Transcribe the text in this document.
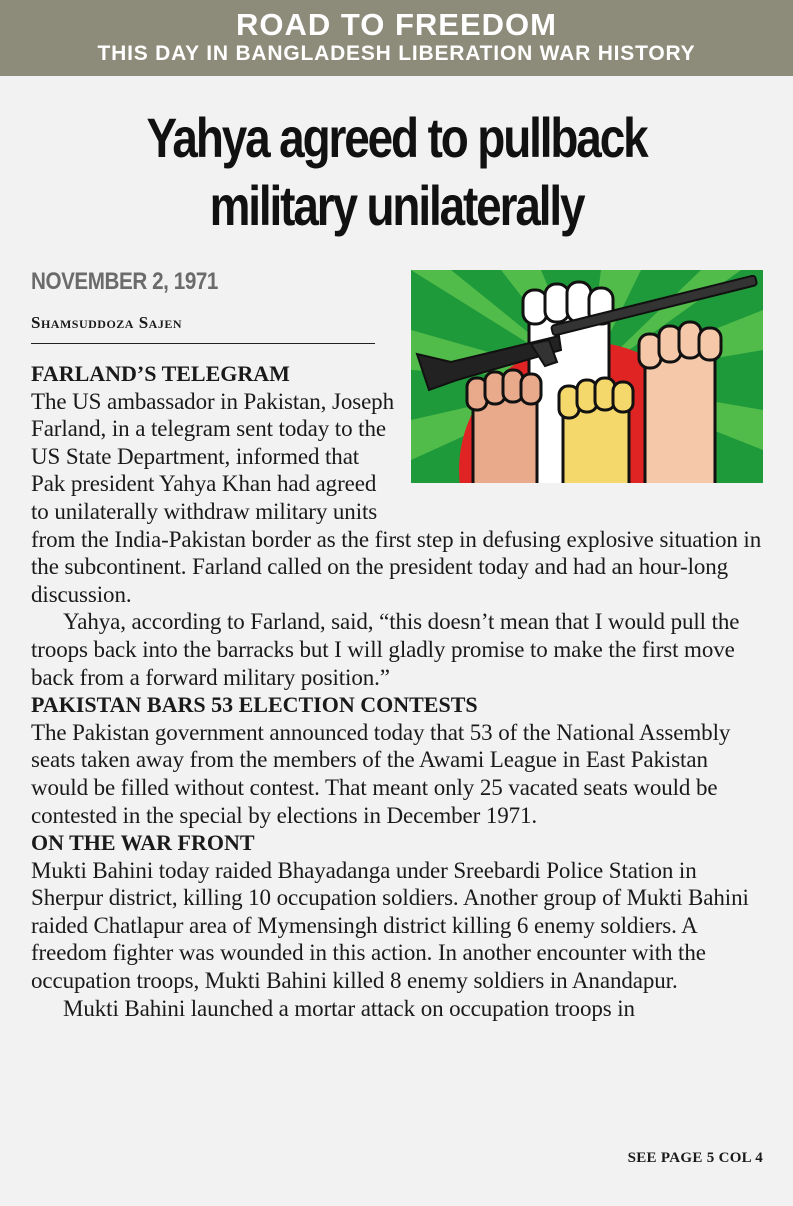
ROAD TO FREEDOM
THIS DAY IN BANGLADESH LIBERATION WAR HISTORY
Yahya agreed to pullback
military unilaterally
NOVEMBER 2, 1971
Shamsuddoza Sajen
FARLAND’S TELEGRAM

The US ambassador in Pakistan, Joseph Farland, in a telegram sent today to the US State Department, informed that Pak president Yahya Khan had agreed to unilaterally withdraw military units from the India-Pakistan border as the first step in defusing explosive situation in the subcontinent. Farland called on the president today and had an hour-long discussion.

Yahya, according to Farland, said, “this doesn’t mean that I would pull the troops back into the barracks but I will gladly promise to make the first move back from a forward military position.”

PAKISTAN BARS 53 ELECTION CONTESTS

The Pakistan government announced today that 53 of the National Assembly seats taken away from the members of the Awami League in East Pakistan would be filled without contest. That meant only 25 vacated seats would be contested in the special by elections in December 1971.

ON THE WAR FRONT

Mukti Bahini today raided Bhayadanga under Sreebardi Police Station in Sherpur district, killing 10 occupation soldiers. Another group of Mukti Bahini raided Chatlapur area of Mymensingh district killing 6 enemy soldiers. A freedom fighter was wounded in this action. In another encounter with the occupation troops, Mukti Bahini killed 8 enemy soldiers in Anandapur.

Mukti Bahini launched a mortar attack on occupation troops in

SEE PAGE 5 COL 4
